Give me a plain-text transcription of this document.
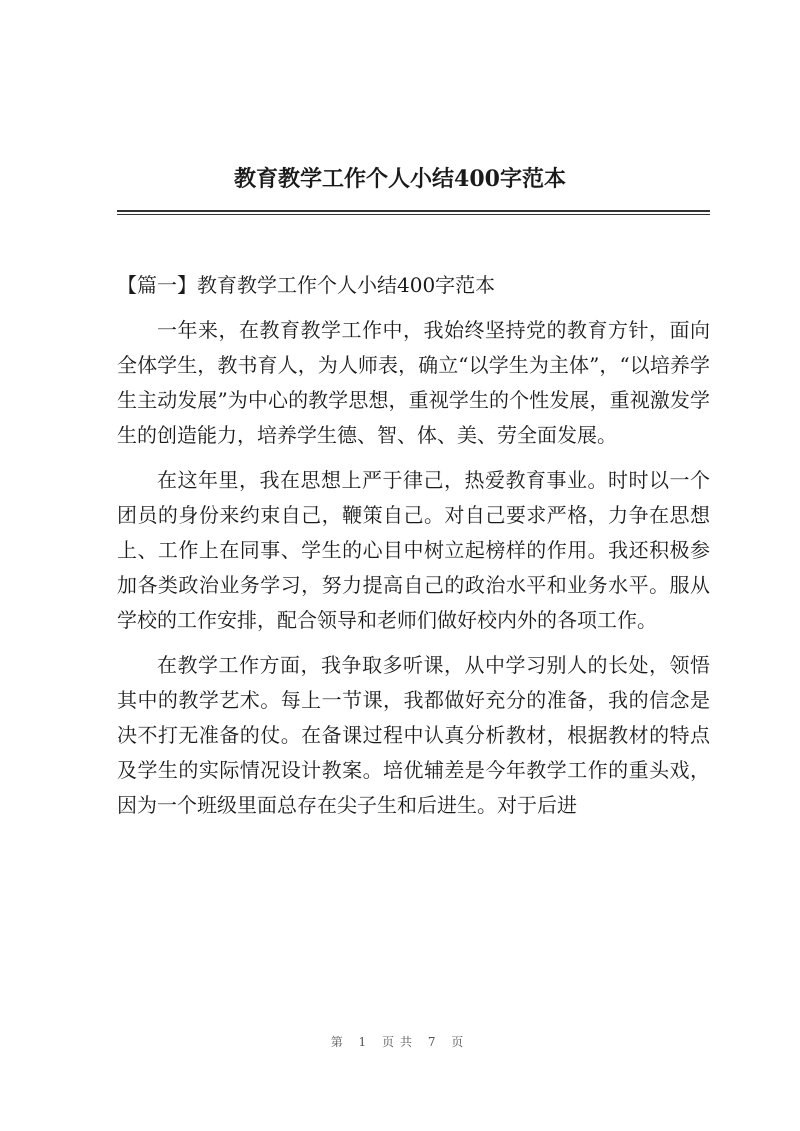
教育教学工作个人小结400字范本

【篇一】教育教学工作个人小结400字范本

一年来，在教育教学工作中，我始终坚持党的教育方针，面向全体学生，教书育人，为人师表，确立“以学生为主体”，“以培养学生主动发展”为中心的教学思想，重视学生的个性发展，重视激发学生的创造能力，培养学生德、智、体、美、劳全面发展。

在这年里，我在思想上严于律己，热爱教育事业。时时以一个团员的身份来约束自己，鞭策自己。对自己要求严格，力争在思想上、工作上在同事、学生的心目中树立起榜样的作用。我还积极参加各类政治业务学习，努力提高自己的政治水平和业务水平。服从学校的工作安排，配合领导和老师们做好校内外的各项工作。

在教学工作方面，我争取多听课，从中学习别人的长处，领悟其中的教学艺术。每上一节课，我都做好充分的准备，我的信念是决不打无准备的仗。在备课过程中认真分析教材，根据教材的特点及学生的实际情况设计教案。培优辅差是今年教学工作的重头戏，因为一个班级里面总存在尖子生和后进生。对于后进

第 1 页共 7 页
